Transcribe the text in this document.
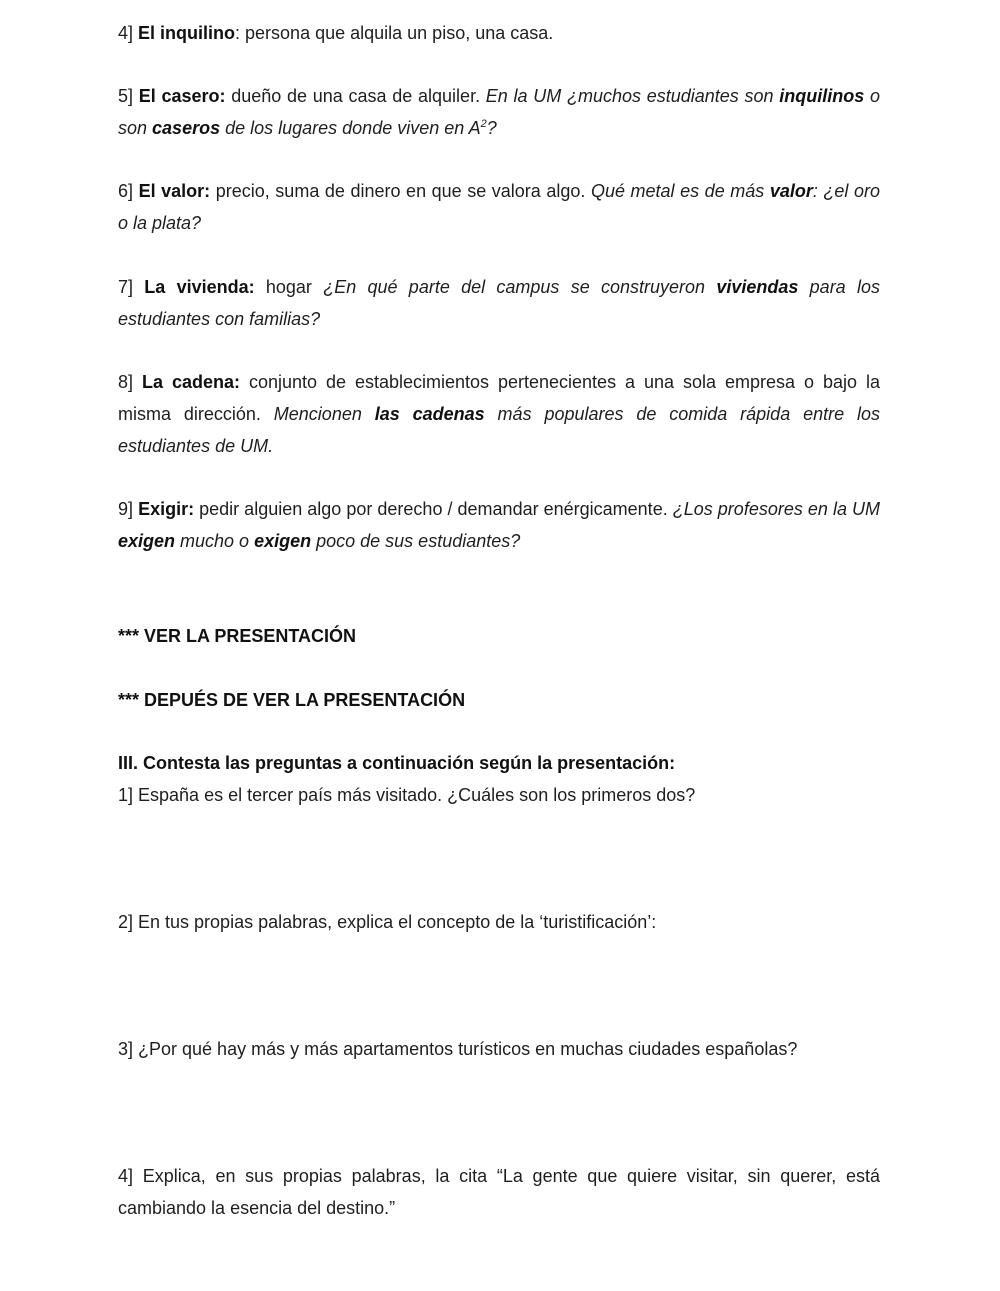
4] El inquilino: persona que alquila un piso, una casa.

5] El casero: dueño de una casa de alquiler. En la UM ¿muchos estudiantes son inquilinos o son caseros de los lugares donde viven en $A^2$?

6] El valor: precio, suma de dinero en que se valora algo. Qué metal es de más valor: ¿el oro o la plata?

7] La vivienda: hogar ¿En qué parte del campus se construyeron viviendas para los estudiantes con familias?

8] La cadena: conjunto de establecimientos pertenecientes a una sola empresa o bajo la misma dirección. Mencionen las cadenas más populares de comida rápida entre los estudiantes de UM.

9] Exigir: pedir alguien algo por derecho / demandar enérgicamente. ¿Los profesores en la UM exigen mucho o exigen poco de sus estudiantes?

*** VER LA PRESENTACIÓN

*** DEPUÉS DE VER LA PRESENTACIÓN

III. Contesta las preguntas a continuación según la presentación:

1] España es el tercer país más visitado. ¿Cuáles son los primeros dos?

2] En tus propias palabras, explica el concepto de la ‘turistificación’:

3] ¿Por qué hay más y más apartamentos turísticos en muchas ciudades españolas?

4] Explica, en sus propias palabras, la cita “La gente que quiere visitar, sin querer, está cambiando la esencia del destino.”
